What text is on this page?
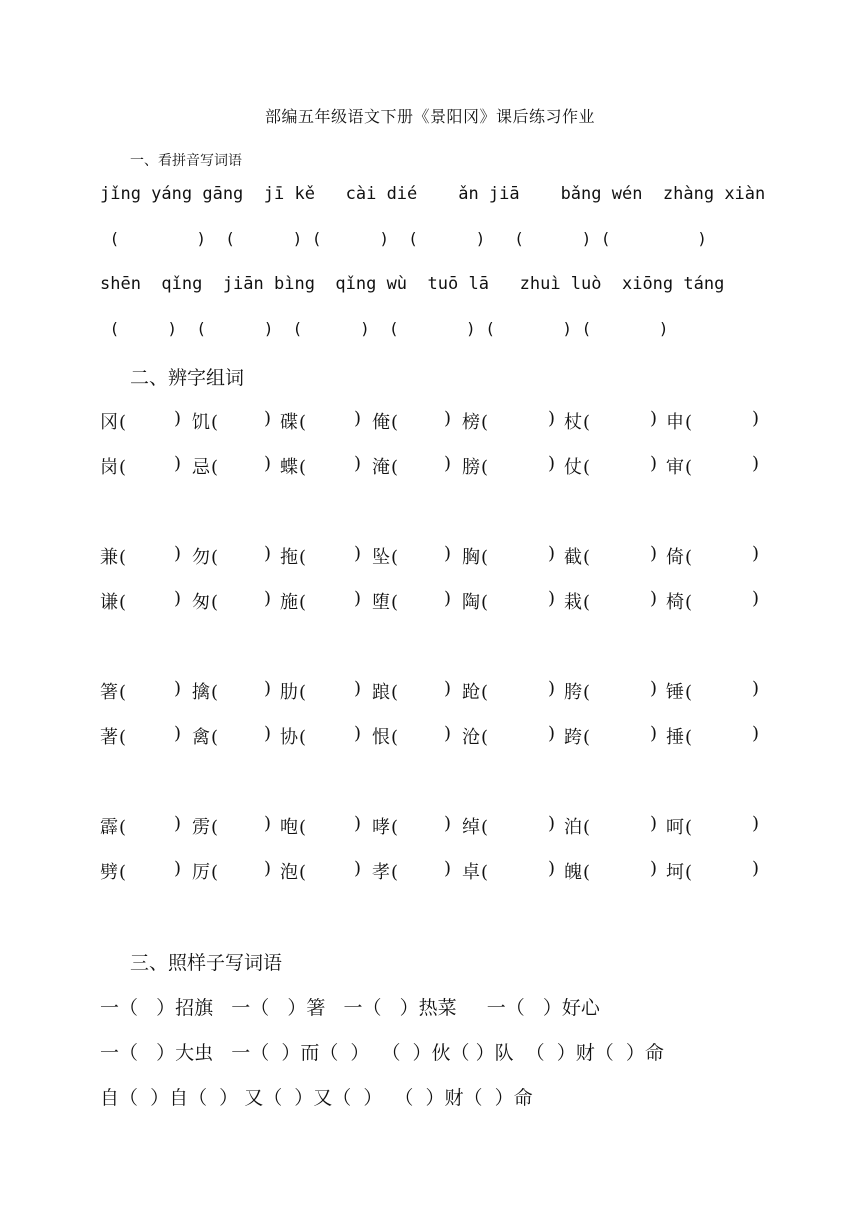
部编五年级语文下册《景阳冈》课后练习作业
一、看拼音写词语
jǐng yáng gāng  jī kě   cài dié    ǎn jiā    bǎng wén  zhàng xiàn
(        )  (      ) (      )  (      )   (      ) (         )
shēn  qǐng  jiān bìng  qǐng wù  tuō lā   zhuì luò  xiōng táng
(     )  (      )  (      )  (       ) (       ) (       )
二、辨字组词
冈(	) 饥(	) 碟(	) 俺(	) 榜(	) 杖(	) 申(	)
岗(	) 忌(	) 蝶(	) 淹(	) 膀(	) 仗(	) 审(	)
兼(	) 勿(	) 拖(	) 坠(	) 胸(	) 截(	) 倚(	)
谦(	) 匆(	) 施(	) 堕(	) 陶(	) 栽(	) 椅(	)
箸(	) 擒(	) 肋(	) 踉(	) 跄(	) 胯(	) 锤(	)
著(	) 禽(	) 协(	) 恨(	) 沧(	) 跨(	) 捶(	)
霹(	) 雳(	) 咆(	) 哮(	) 绰(	) 泊(	) 呵(	)
劈(	) 厉(	) 泡(	) 孝(	) 卓(	) 魄(	) 坷(	)
三、照样子写词语
一（   ）招旗   一（   ）箸   一（   ）热菜     一（   ）好心
一（   ）大虫   一（  ）而（  ）  （  ）伙（ ）队  （  ）财（  ）命
自（  ）自（  ） 又（  ）又（  ）  （  ）财（  ）命
